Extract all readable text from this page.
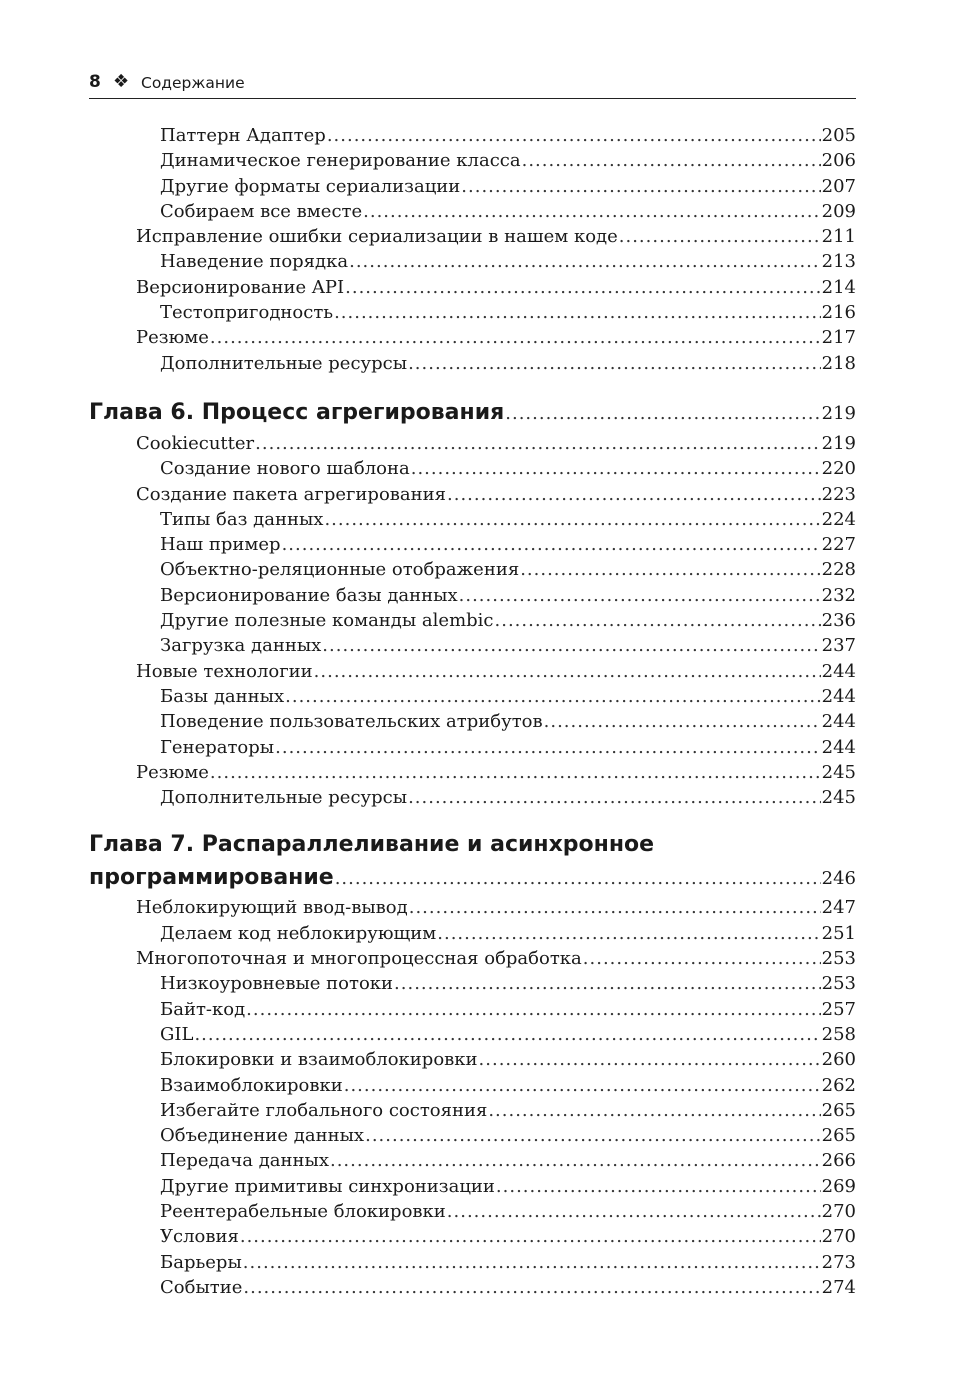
8 ❖ Содержание
Паттерн Адаптер .....	205
Динамическое генерирование класса .....	206
Другие форматы сериализации .....	207
Собираем все вместе .....	209
Исправление ошибки сериализации в нашем коде .....	211
Наведение порядка .....	213
Версионирование API .....	214
Тестопригодность .....	216
Резюме .....	217
Дополнительные ресурсы .....	218
Глава 6. Процесс агрегирования .....	219
Cookiecutter .....	219
Создание нового шаблона .....	220
Создание пакета агрегирования .....	223
Типы баз данных .....	224
Наш пример .....	227
Объектно-реляционные отображения .....	228
Версионирование базы данных .....	232
Другие полезные команды alembic .....	236
Загрузка данных .....	237
Новые технологии .....	244
Базы данных .....	244
Поведение пользовательских атрибутов .....	244
Генераторы .....	244
Резюме .....	245
Дополнительные ресурсы .....	245
Глава 7. Распараллеливание и асинхронное
программирование .....	246
Неблокирующий ввод-вывод .....	247
Делаем код неблокирующим .....	251
Многопоточная и многопроцессная обработка .....	253
Низкоуровневые потоки .....	253
Байт-код .....	257
GIL .....	258
Блокировки и взаимоблокировки .....	260
Взаимоблокировки .....	262
Избегайте глобального состояния .....	265
Объединение данных .....	265
Передача данных .....	266
Другие примитивы синхронизации .....	269
Реентерабельные блокировки .....	270
Условия .....	270
Барьеры .....	273
Событие .....	274
